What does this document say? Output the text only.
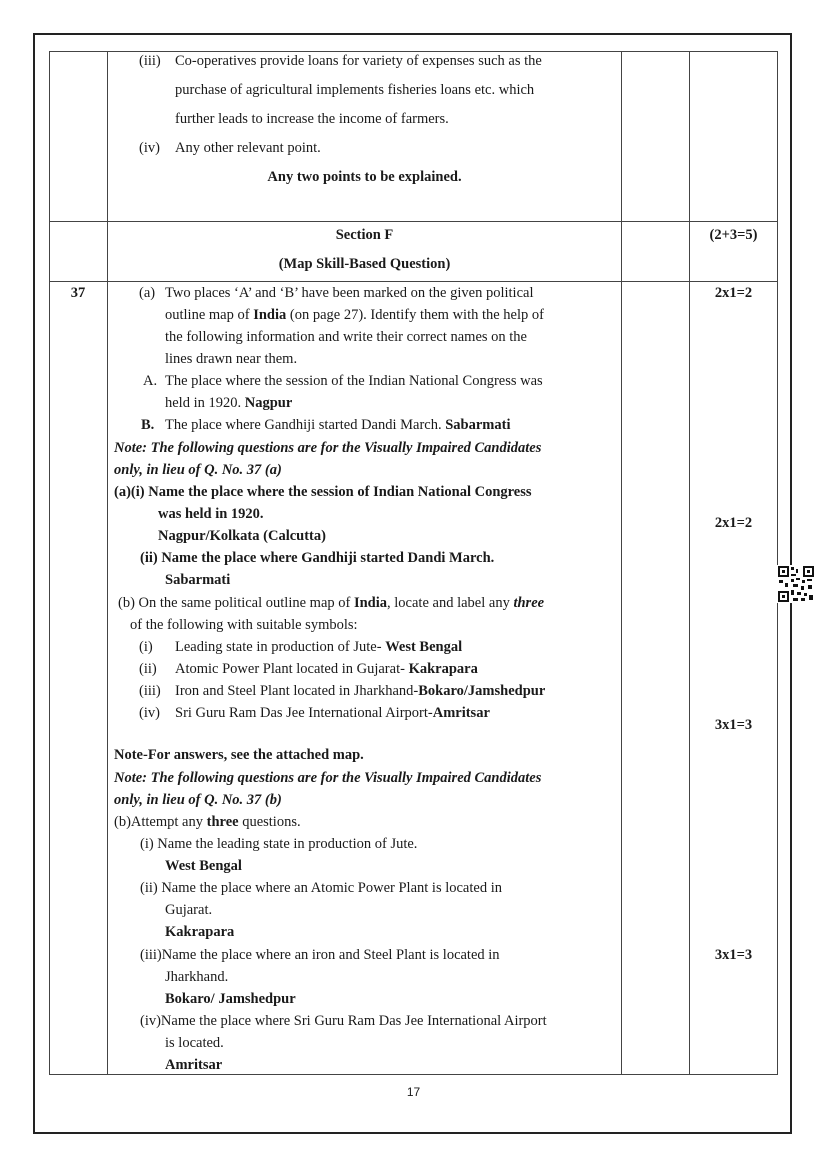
(iii) Co-operatives provide loans for variety of expenses such as the
purchase of agricultural implements fisheries loans etc. which
further leads to increase the income of farmers.
(iv) Any other relevant point.
Any two points to be explained.
Section F
(Map Skill-Based Question)
(2+3=5)
37	(a) Two places ‘A’ and ‘B’ have been marked on the given political
outline map of India (on page 27). Identify them with the help of
the following information and write their correct names on the
lines drawn near them.
A. The place where the session of the Indian National Congress was
held in 1920. Nagpur
B. The place where Gandhiji started Dandi March. Sabarmati
Note: The following questions are for the Visually Impaired Candidates
only, in lieu of Q. No. 37 (a)
(a)(i) Name the place where the session of Indian National Congress
was held in 1920.
Nagpur/Kolkata (Calcutta)
(ii) Name the place where Gandhiji started Dandi March.
Sabarmati
(b) On the same political outline map of India, locate and label any three
of the following with suitable symbols:
(i) Leading state in production of Jute- West Bengal
(ii) Atomic Power Plant located in Gujarat- Kakrapara
(iii) Iron and Steel Plant located in Jharkhand-Bokaro/Jamshedpur
(iv) Sri Guru Ram Das Jee International Airport-Amritsar
Note-For answers, see the attached map.
Note: The following questions are for the Visually Impaired Candidates
only, in lieu of Q. No. 37 (b)
(b)Attempt any three questions.
(i) Name the leading state in production of Jute.
West Bengal
(ii) Name the place where an Atomic Power Plant is located in
Gujarat.
Kakrapara
(iii)Name the place where an iron and Steel Plant is located in
Jharkhand.
Bokaro/ Jamshedpur
(iv)Name the place where Sri Guru Ram Das Jee International Airport
is located.
Amritsar
2x1=2
2x1=2
3x1=3
3x1=3
17
